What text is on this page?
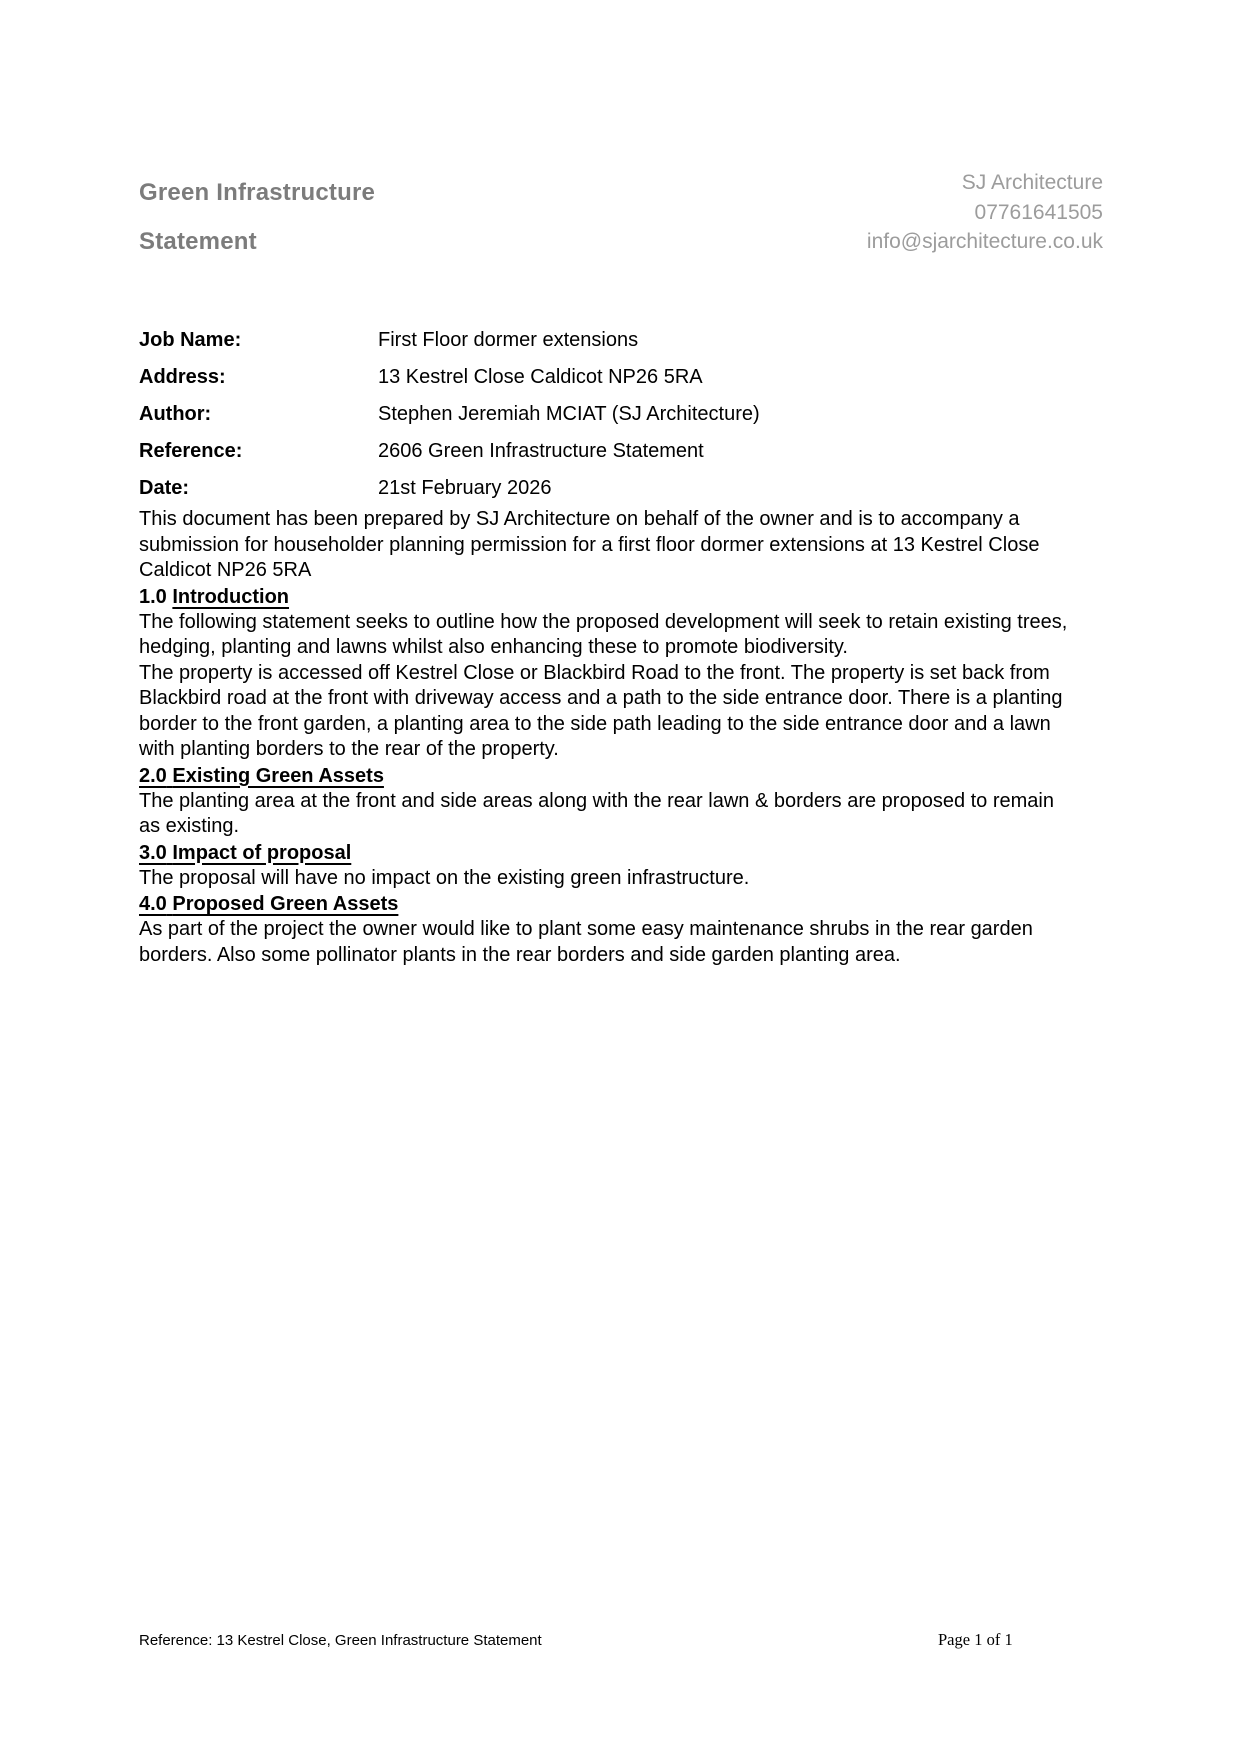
Green Infrastructure
Statement
SJ Architecture
07761641505
info@sjarchitecture.co.uk
Job Name:	First Floor dormer extensions
Address:	13 Kestrel Close Caldicot NP26 5RA
Author:	Stephen Jeremiah MCIAT (SJ Architecture)
Reference:	2606 Green Infrastructure Statement
Date:	21st February 2026

This document has been prepared by SJ Architecture on behalf of the owner and is to accompany a submission for householder planning permission for a first floor dormer extensions at 13 Kestrel Close Caldicot NP26 5RA

1.0 Introduction

The following statement seeks to outline how the proposed development will seek to retain existing trees, hedging, planting and lawns whilst also enhancing these to promote biodiversity.

The property is accessed off Kestrel Close or Blackbird Road to the front. The property is set back from Blackbird road at the front with driveway access and a path to the side entrance door. There is a planting border to the front garden, a planting area to the side path leading to the side entrance door and a lawn with planting borders to the rear of the property.

2.0 Existing Green Assets

The planting area at the front and side areas along with the rear lawn & borders are proposed to remain as existing.

3.0 Impact of proposal

The proposal will have no impact on the existing green infrastructure.

4.0 Proposed Green Assets

As part of the project the owner would like to plant some easy maintenance shrubs in the rear garden borders. Also some pollinator plants in the rear borders and side garden planting area.

Reference: 13 Kestrel Close, Green Infrastructure Statement	Page 1 of 1
